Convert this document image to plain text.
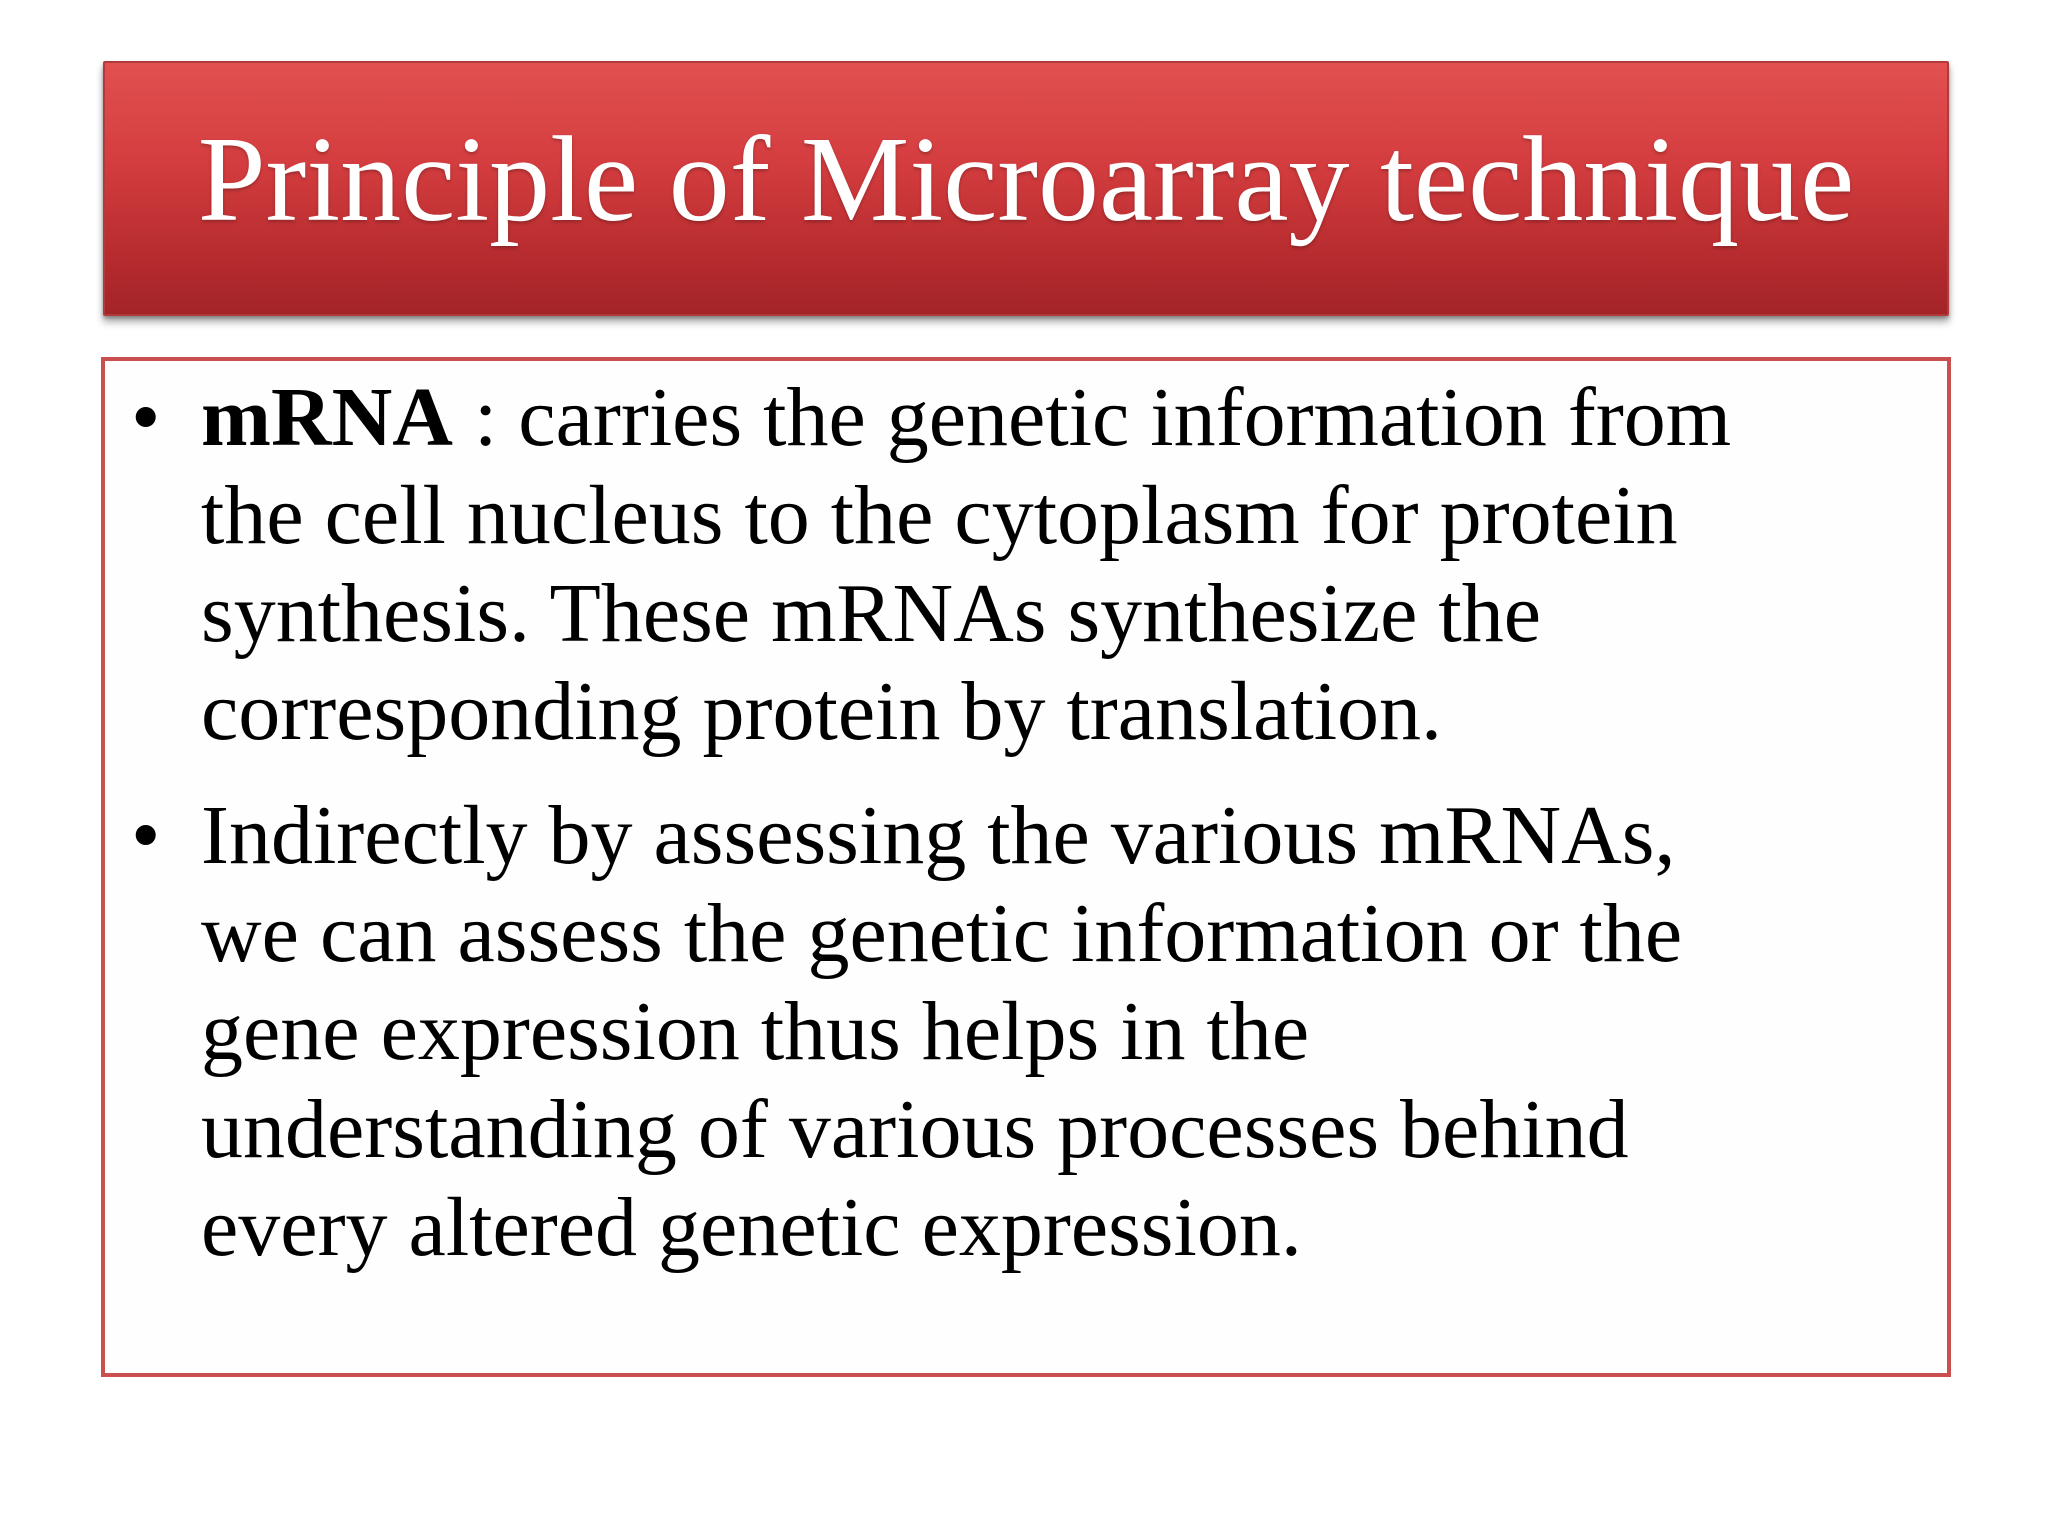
Principle of Microarray technique
• mRNA : carries the genetic information from
the cell nucleus to the cytoplasm for protein
synthesis. These mRNAs synthesize the
corresponding protein by translation.

• Indirectly by assessing the various mRNAs,
we can assess the genetic information or the
gene expression thus helps in the
understanding of various processes behind
every altered genetic expression.
